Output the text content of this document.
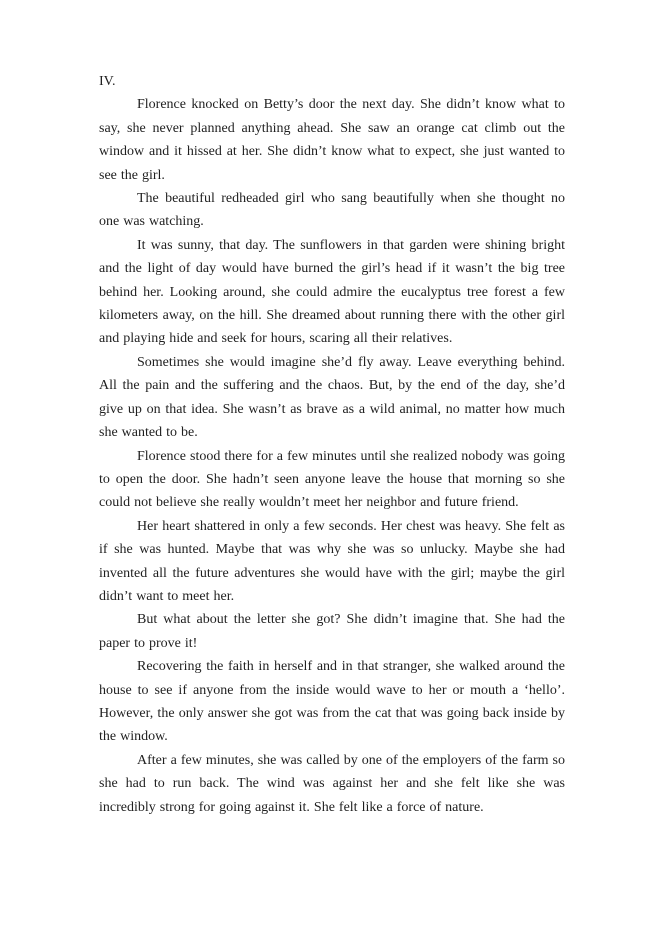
IV.

Florence knocked on Betty’s door the next day. She didn’t know what to say, she never planned anything ahead. She saw an orange cat climb out the window and it hissed at her. She didn’t know what to expect, she just wanted to see the girl.

The beautiful redheaded girl who sang beautifully when she thought no one was watching.

It was sunny, that day. The sunflowers in that garden were shining bright and the light of day would have burned the girl’s head if it wasn’t the big tree behind her. Looking around, she could admire the eucalyptus tree forest a few kilometers away, on the hill. She dreamed about running there with the other girl and playing hide and seek for hours, scaring all their relatives.

Sometimes she would imagine she’d fly away. Leave everything behind. All the pain and the suffering and the chaos. But, by the end of the day, she’d give up on that idea. She wasn’t as brave as a wild animal, no matter how much she wanted to be.

Florence stood there for a few minutes until she realized nobody was going to open the door. She hadn’t seen anyone leave the house that morning so she could not believe she really wouldn’t meet her neighbor and future friend.

Her heart shattered in only a few seconds. Her chest was heavy. She felt as if she was hunted. Maybe that was why she was so unlucky. Maybe she had invented all the future adventures she would have with the girl; maybe the girl didn’t want to meet her.

But what about the letter she got? She didn’t imagine that. She had the paper to prove it!

Recovering the faith in herself and in that stranger, she walked around the house to see if anyone from the inside would wave to her or mouth a ‘hello’. However, the only answer she got was from the cat that was going back inside by the window.

After a few minutes, she was called by one of the employers of the farm so she had to run back. The wind was against her and she felt like she was incredibly strong for going against it. She felt like a force of nature.
